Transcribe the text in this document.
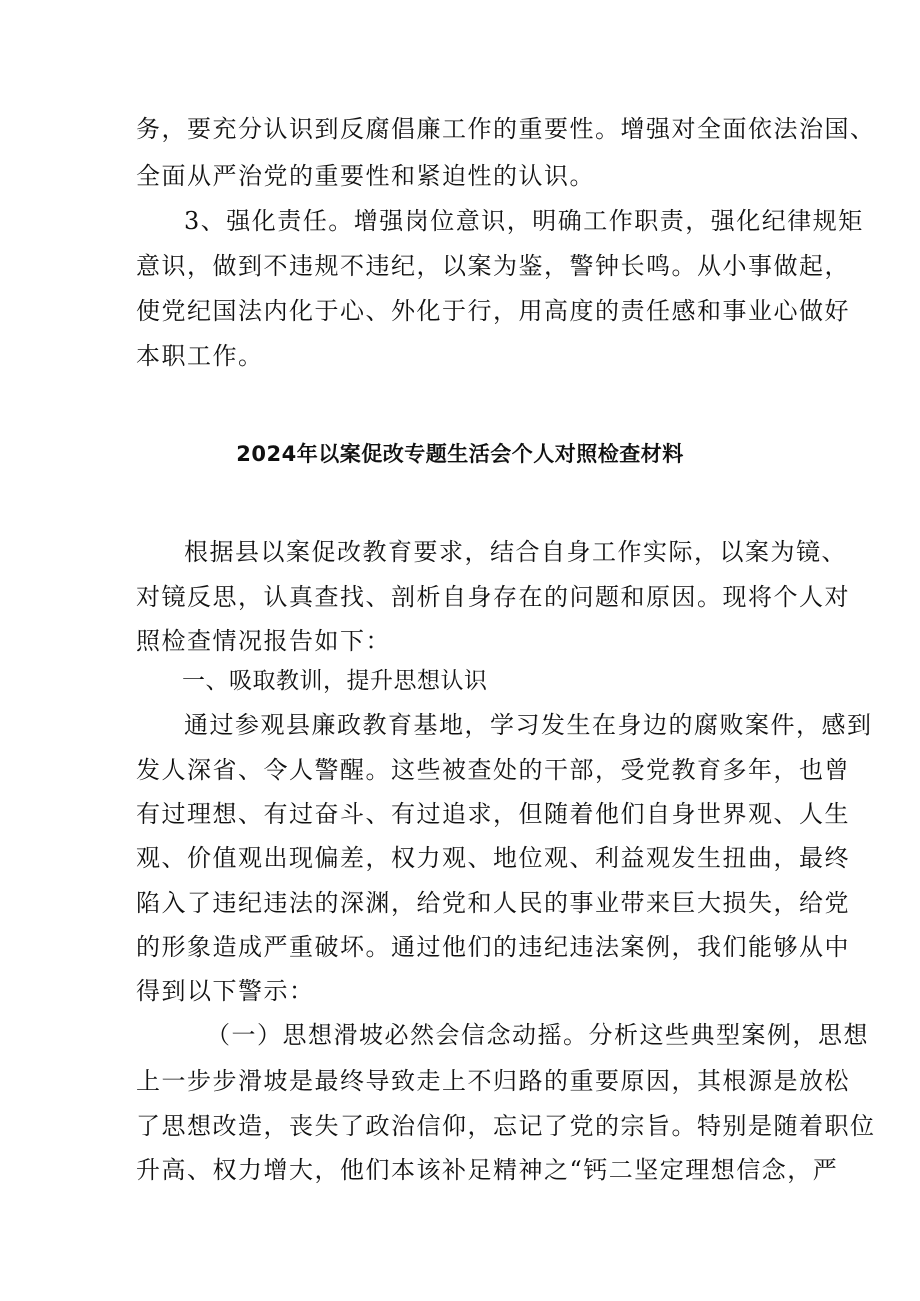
务，要充分认识到反腐倡廉工作的重要性。增强对全面依法治国、
全面从严治党的重要性和紧迫性的认识。
3、强化责任。增强岗位意识，明确工作职责，强化纪律规矩
意识，做到不违规不违纪，以案为鉴，警钟长鸣。从小事做起，
使党纪国法内化于心、外化于行，用高度的责任感和事业心做好
本职工作。
2024年以案促改专题生活会个人对照检查材料
根据县以案促改教育要求，结合自身工作实际，以案为镜、
对镜反思，认真查找、剖析自身存在的问题和原因。现将个人对
照检查情况报告如下：
一、吸取教训，提升思想认识
通过参观县廉政教育基地，学习发生在身边的腐败案件，感到
发人深省、令人警醒。这些被查处的干部，受党教育多年，也曾
有过理想、有过奋斗、有过追求，但随着他们自身世界观、人生
观、价值观出现偏差，权力观、地位观、利益观发生扭曲，最终
陷入了违纪违法的深渊，给党和人民的事业带来巨大损失，给党
的形象造成严重破坏。通过他们的违纪违法案例，我们能够从中
得到以下警示：
（一）思想滑坡必然会信念动摇。分析这些典型案例，思想
上一步步滑坡是最终导致走上不归路的重要原因，其根源是放松
了思想改造，丧失了政治信仰，忘记了党的宗旨。特别是随着职位
升高、权力增大，他们本该补足精神之“钙二坚定理想信念，严
